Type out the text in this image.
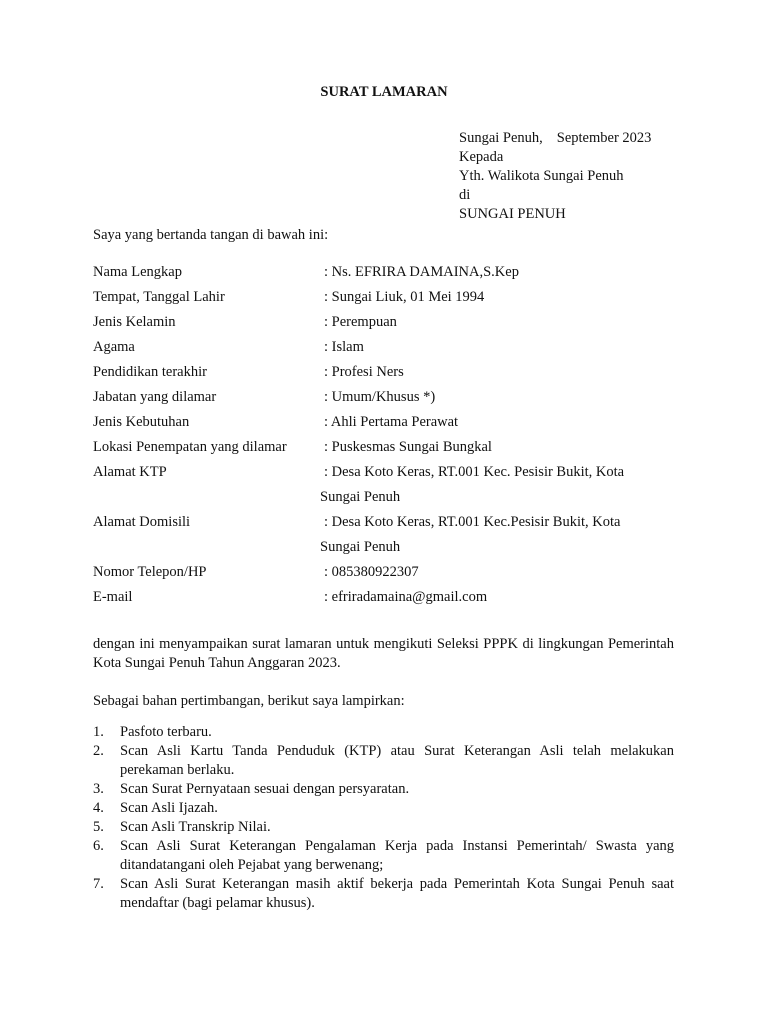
SURAT LAMARAN
Sungai Penuh, September 2023
Kepada
Yth. Walikota Sungai Penuh
di
SUNGAI PENUH
Saya yang bertanda tangan di bawah ini:
Nama Lengkap	: Ns. EFRIRA DAMAINA,S.Kep
Tempat, Tanggal Lahir	: Sungai Liuk, 01 Mei 1994
Jenis Kelamin	: Perempuan
Agama	: Islam
Pendidikan terakhir	: Profesi Ners
Jabatan yang dilamar	: Umum/Khusus *)
Jenis Kebutuhan	: Ahli Pertama Perawat
Lokasi Penempatan yang dilamar	: Puskesmas Sungai Bungkal
Alamat KTP	: Desa Koto Keras, RT.001 Kec. Pesisir Bukit, Kota
Sungai Penuh
Alamat Domisili	: Desa Koto Keras, RT.001 Kec.Pesisir Bukit, Kota
Sungai Penuh
Nomor Telepon/HP	: 085380922307
E-mail	: efriradamaina@gmail.com
dengan ini menyampaikan surat lamaran untuk mengikuti Seleksi PPPK di lingkungan Pemerintah Kota Sungai Penuh Tahun Anggaran 2023.
Sebagai bahan pertimbangan, berikut saya lampirkan:
1. Pasfoto terbaru.
2. Scan Asli Kartu Tanda Penduduk (KTP) atau Surat Keterangan Asli telah melakukan perekaman berlaku.
3. Scan Surat Pernyataan sesuai dengan persyaratan.
4. Scan Asli Ijazah.
5. Scan Asli Transkrip Nilai.
6. Scan Asli Surat Keterangan Pengalaman Kerja pada Instansi Pemerintah/ Swasta yang ditandatangani oleh Pejabat yang berwenang;
7. Scan Asli Surat Keterangan masih aktif bekerja pada Pemerintah Kota Sungai Penuh saat mendaftar (bagi pelamar khusus).
